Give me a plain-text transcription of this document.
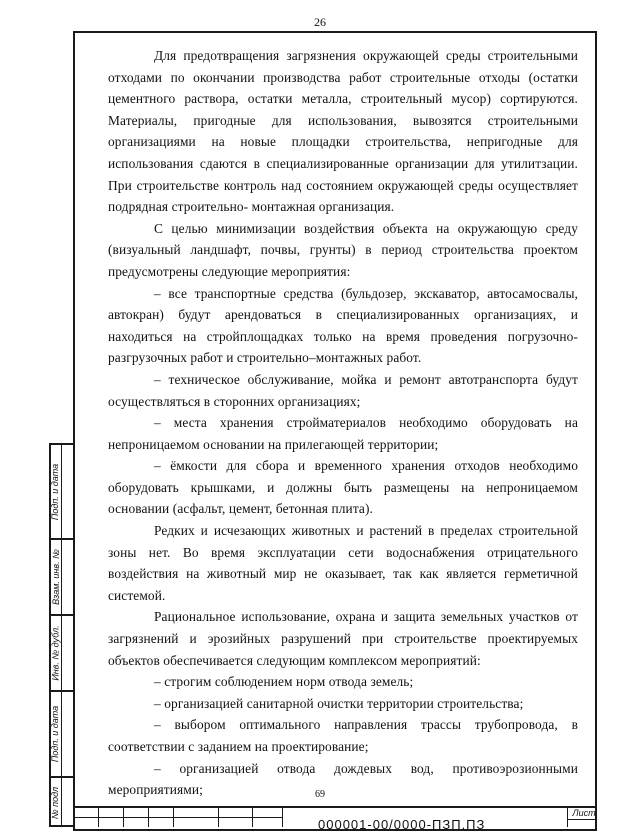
26

Для предотвращения загрязнения окружающей среды строительными отходами по окончании производства работ строительные отходы (остатки цементного раствора, остатки металла, строительный мусор) сортируются. Материалы, пригодные для использования, вывозятся строительными организациями на новые площадки строительства, непригодные для использования сдаются в специализированные организации для утилитзации. При строительстве контроль над состоянием окружающей среды осуществляет подрядная строительно- монтажная организация.

С целью минимизации воздействия объекта на окружающую среду (визуальный ландшафт, почвы, грунты) в период строительства проектом предусмотрены следующие мероприятия:

– все транспортные средства (бульдозер, экскаватор, автосамосвалы, автокран) будут арендоваться в специализированных организациях, и находиться на стройплощадках только на время проведения погрузочно-разгрузочных работ и строительно–монтажных работ.

– техническое обслуживание, мойка и ремонт автотранспорта будут осуществляться в сторонних организациях;

– места хранения стройматериалов необходимо оборудовать на непроницаемом основании на прилегающей территории;

– ёмкости для сбора и временного хранения отходов необходимо оборудовать крышками, и должны быть размещены на непроницаемом основании (асфальт, цемент, бетонная плита).

Редких и исчезающих животных и растений в пределах строительной зоны нет. Во время эксплуатации сети водоснабжения отрицательного воздействия на животный мир не оказывает, так как является герметичной системой.

Рациональное использование, охрана и защита земельных участков от загрязнений и эрозийных разрушений при строительстве проектируемых объектов обеспечивается следующим комплексом мероприятий:

– строгим соблюдением норм отвода земель;

– организацией санитарной очистки территории строительства;

– выбором оптимального направления трассы трубопровода, в соответствии с заданием на проектирование;

– организацией отвода дождевых вод, противоэрозионными мероприятиями;

Подп. и дата
Взам. инв. №
Инв. № дубл.
Подп. и дата
№ подл	69
000001-00/0000-ПЗП.ПЗ
Лист
